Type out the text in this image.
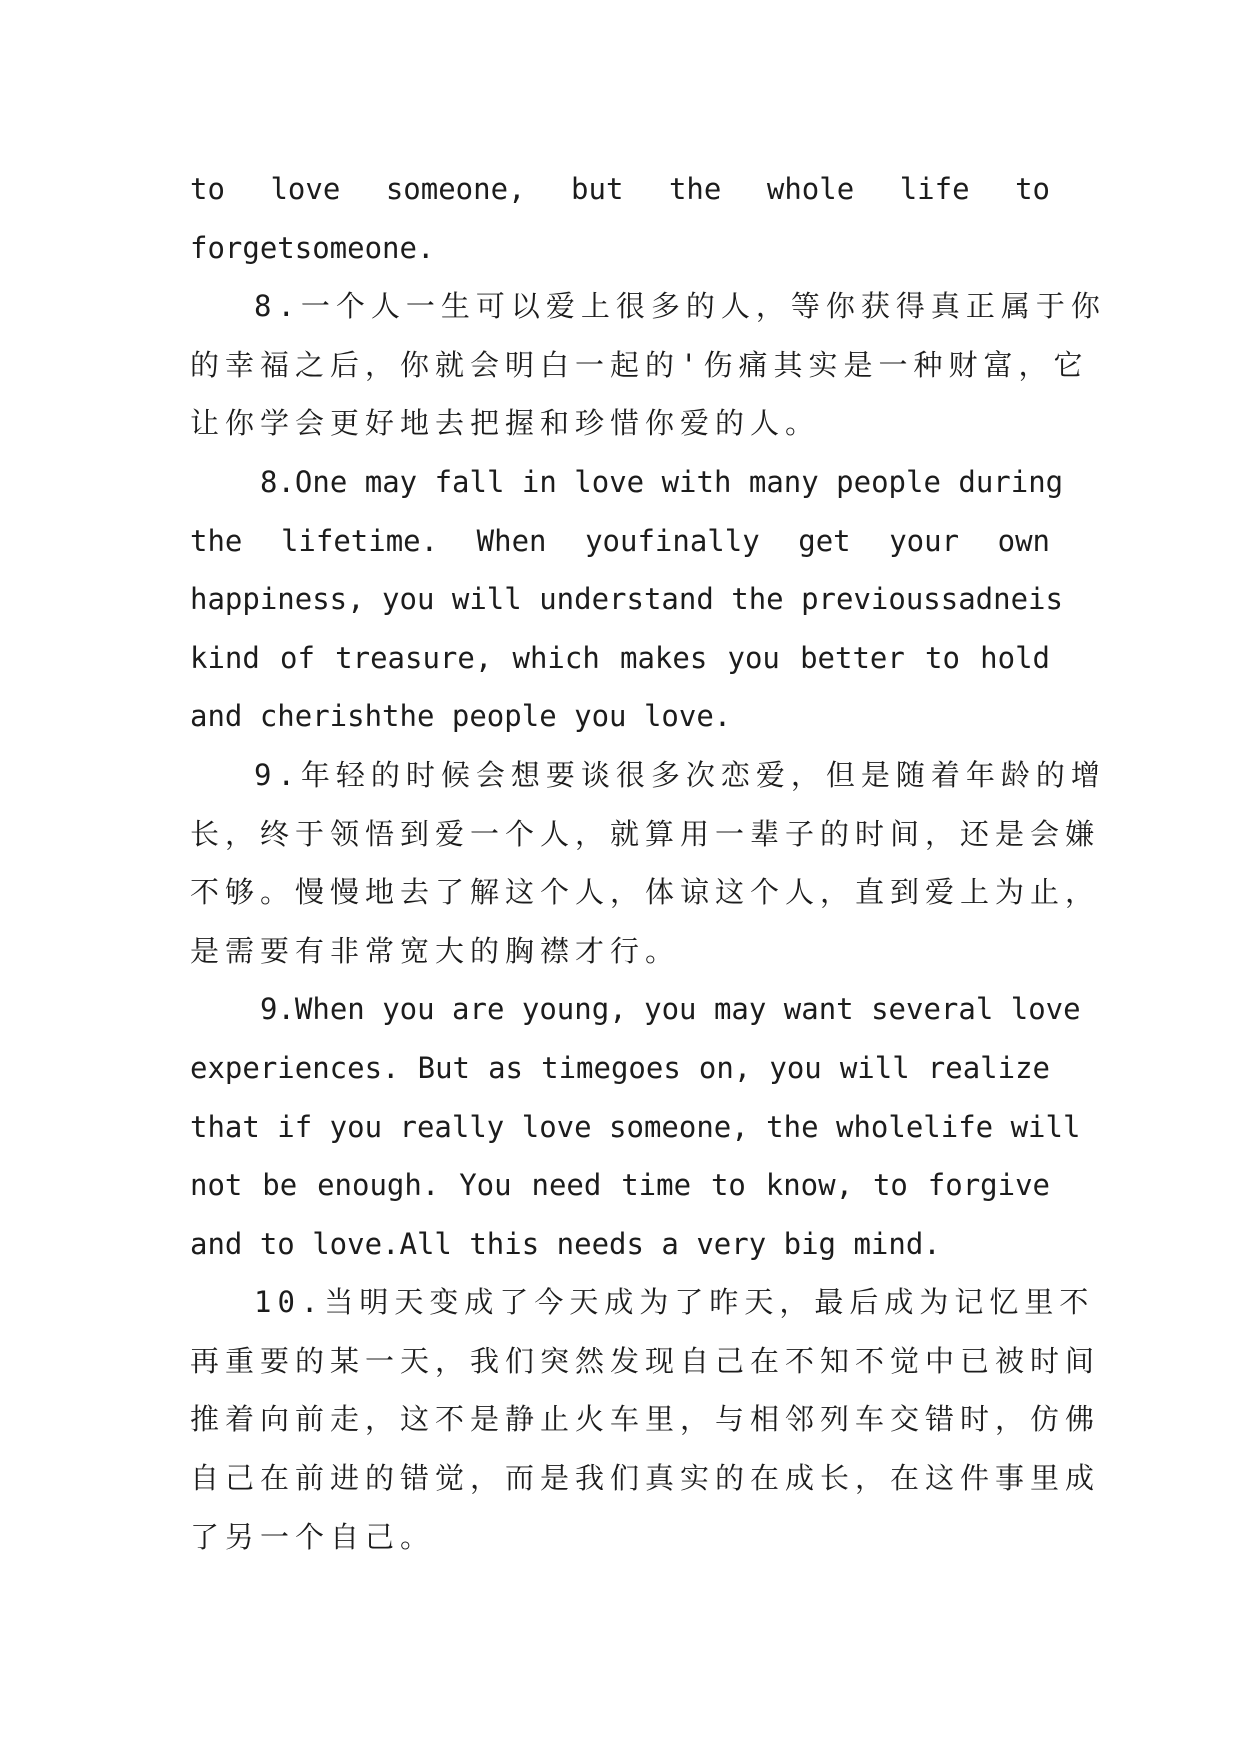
to love someone, but the whole life to
forgetsomeone.
8.一个人一生可以爱上很多的人，等你获得真正属于你
的幸福之后，你就会明白一起的'伤痛其实是一种财富，它
让你学会更好地去把握和珍惜你爱的人。
8.One may fall in love with many people during
the lifetime. When youfinally get your own
happiness, you will understand the previoussadneis
kind of treasure, which makes you better to hold
and cherishthe people you love.
9.年轻的时候会想要谈很多次恋爱，但是随着年龄的增
长，终于领悟到爱一个人，就算用一辈子的时间，还是会嫌
不够。慢慢地去了解这个人，体谅这个人，直到爱上为止，
是需要有非常宽大的胸襟才行。
9.When you are young, you may want several love
experiences. But as timegoes on, you will realize
that if you really love someone, the wholelife will
not be enough. You need time to know, to forgive
and to love.All this needs a very big mind.
10.当明天变成了今天成为了昨天，最后成为记忆里不
再重要的某一天，我们突然发现自己在不知不觉中已被时间
推着向前走，这不是静止火车里，与相邻列车交错时，仿佛
自己在前进的错觉，而是我们真实的在成长，在这件事里成
了另一个自己。
